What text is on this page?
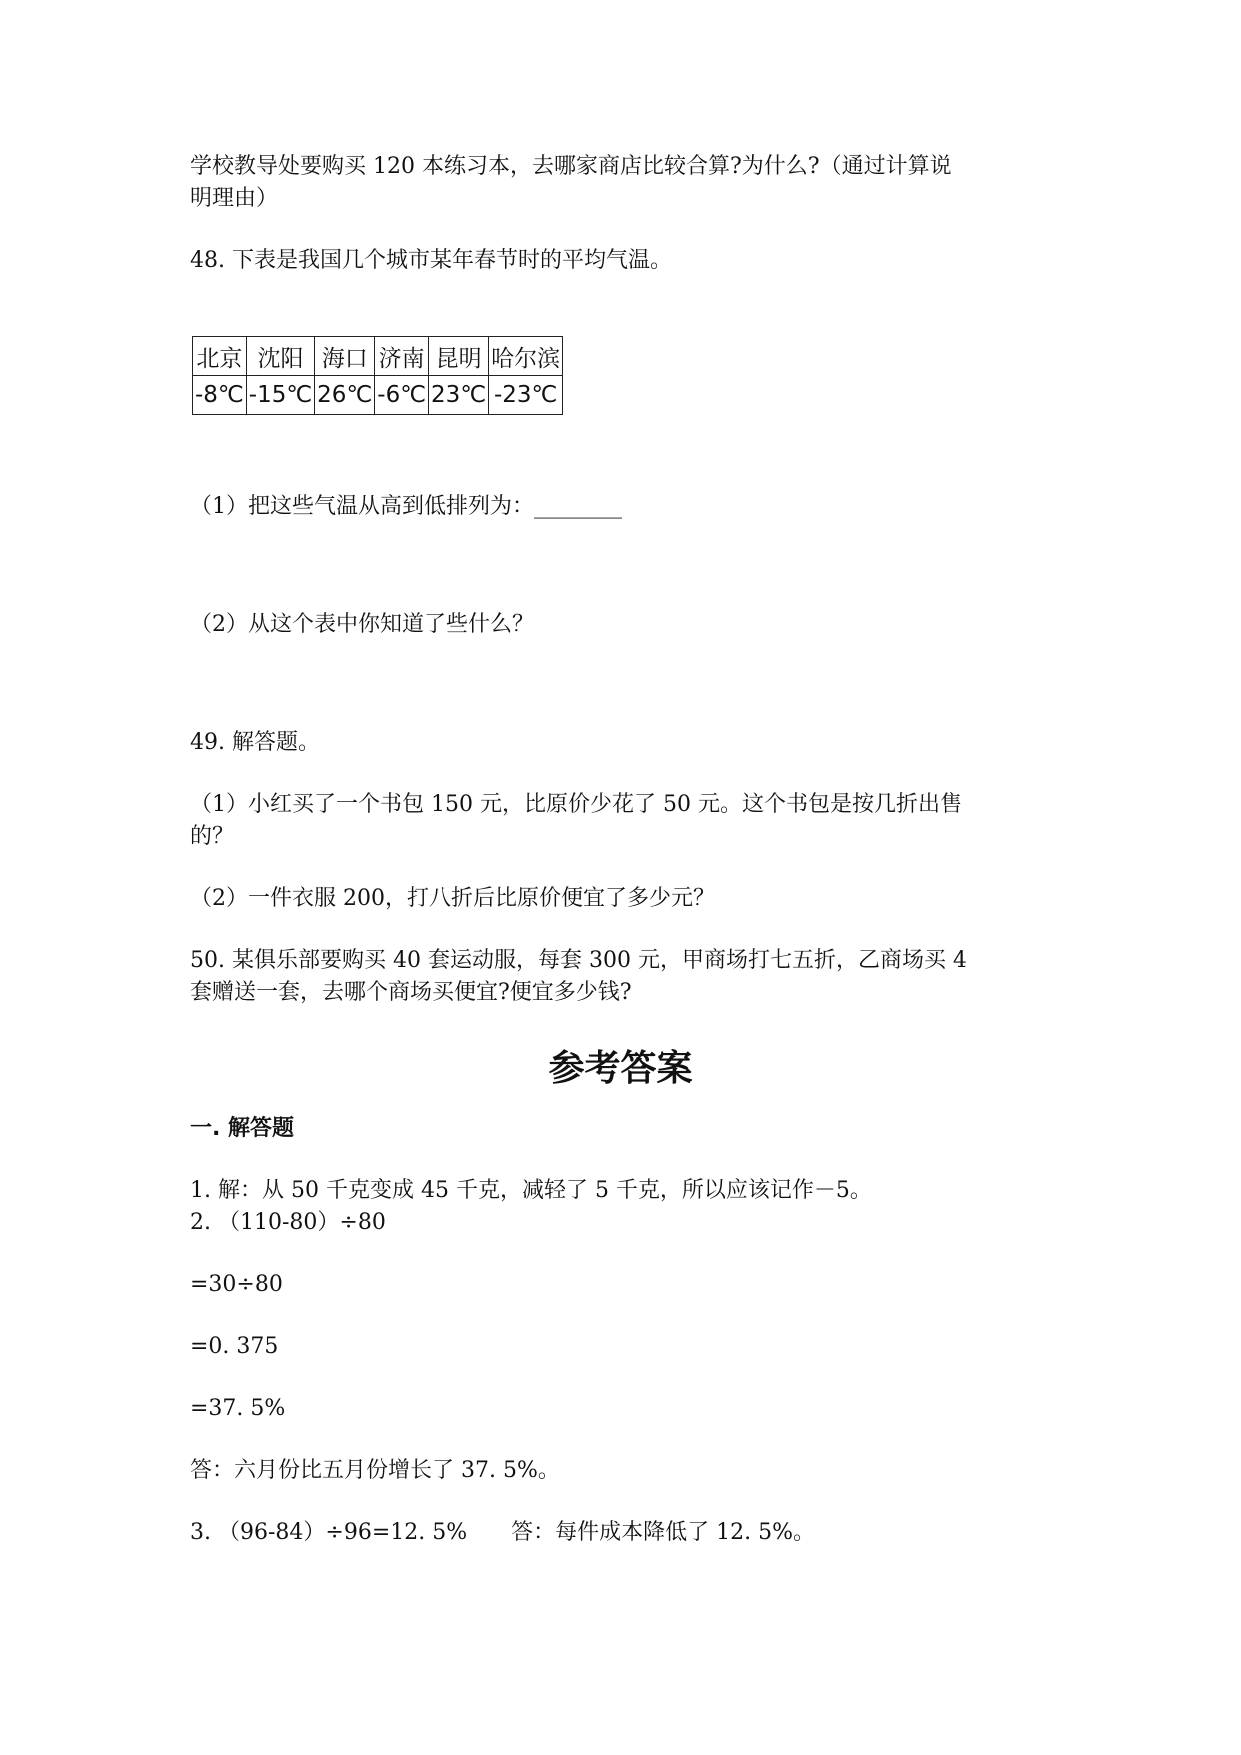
学校教导处要购买 120 本练习本，去哪家商店比较合算?为什么?（通过计算说
明理由）
48. 下表是我国几个城市某年春节时的平均气温。
北京	沈阳	海口	济南	昆明	哈尔滨
-8℃	-15℃	26℃	-6℃	23℃	-23℃
（1）把这些气温从高到低排列为：________
（2）从这个表中你知道了些什么？
49. 解答题。
（1）小红买了一个书包 150 元，比原价少花了 50 元。这个书包是按几折出售
的？
（2）一件衣服 200，打八折后比原价便宜了多少元？
50. 某俱乐部要购买 40 套运动服，每套 300 元，甲商场打七五折，乙商场买 4
套赠送一套，去哪个商场买便宜?便宜多少钱?
参考答案
一. 解答题
1. 解：从 50 千克变成 45 千克，减轻了 5 千克，所以应该记作－5。
2. （110-80）÷80
=30÷80
=0. 375
=37. 5%
答：六月份比五月份增长了 37. 5%。
3. （96-84）÷96=12. 5%　　答：每件成本降低了 12. 5%。
